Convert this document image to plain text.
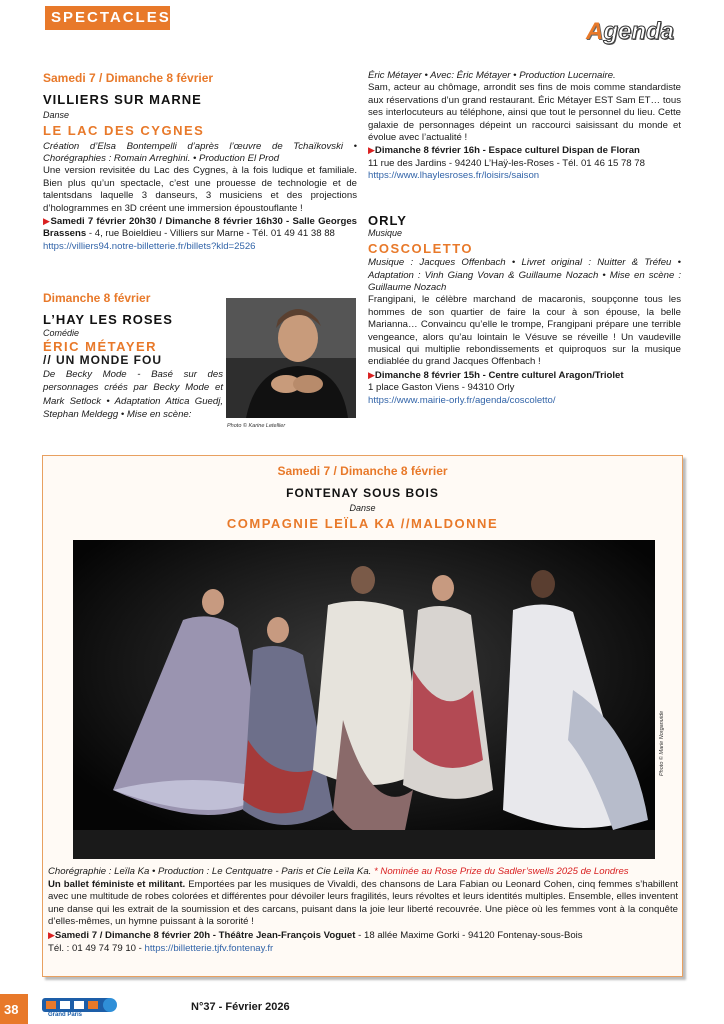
SPECTACLES
Agenda
Samedi 7 / Dimanche 8 février
VILLIERS SUR MARNE
Danse
LE LAC DES CYGNES
Création d’Elsa Bontempelli d’après l’œuvre de Tchaïkovski • Chorégraphies : Romain Arreghini. • Production El Prod
Une version revisitée du Lac des Cygnes, à la fois ludique et familiale. Bien plus qu’un spectacle, c’est une prouesse de technologie et de talentsdans laquelle 3 danseurs, 3 musiciens et des projections d’hologrammes en 3D créent une immersion époustouflante !
▶Samedi 7 février 20h30 / Dimanche 8 février 16h30 - Salle Georges Brassens - 4, rue Boieldieu - Villiers sur Marne - Tél. 01 49 41 38 88
https://villiers94.notre-billetterie.fr/billets?kld=2526
Dimanche 8 février
L’HAY LES ROSES
Comédie
ÉRIC MÉTAYER
// UN MONDE FOU
De Becky Mode - Basé sur des personnages créés par Becky Mode et Mark Setlock • Adaptation Attica Guedj, Stephan Meldegg • Mise en scène:
Photo © Karine Letellier
Éric Métayer • Avec: Éric Métayer • Production Lucernaire.
Sam, acteur au chômage, arrondit ses fins de mois comme standardiste aux réservations d’un grand restaurant. Éric Métayer EST Sam ET… tous ses interlocuteurs au téléphone, ainsi que tout le personnel du lieu. Cette galaxie de personnages dépeint un raccourci saisissant du monde et évolue avec l’actualité !
▶Dimanche 8 février 16h - Espace culturel Dispan de Floran
11 rue des Jardins - 94240 L’Haÿ-les-Roses - Tél. 01 46 15 78 78
https://www.lhaylesroses.fr/loisirs/saison
ORLY
Musique
COSCOLETTO
Musique : Jacques Offenbach • Livret original : Nuitter & Tréfeu • Adaptation : Vinh Giang Vovan & Guillaume Nozach • Mise en scène : Guillaume Nozach
Frangipani, le célèbre marchand de macaronis, soupçonne tous les hommes de son quartier de faire la cour à son épouse, la belle Marianna… Convaincu qu’elle le trompe, Frangipani prépare une terrible vengeance, alors qu’au lointain le Vésuve se réveille ! Un vaudeville musical qui multiplie rebondissements et quiproquos sur la musique endiablée du grand Jacques Offenbach !
▶Dimanche 8 février 15h - Centre culturel Aragon/Triolet
1 place Gaston Viens - 94310 Orly
https://www.mairie-orly.fr/agenda/coscoletto/
Samedi 7 / Dimanche 8 février
FONTENAY SOUS BOIS
Danse
COMPAGNIE LEÏLA KA //MALDONNE
Photo © Marie Norganuide
Chorégraphie : Leïla Ka • Production : Le Centquatre - Paris et Cie Leïla Ka. * Nominée au Rose Prize du Sadler’swells 2025 de Londres
Un ballet féministe et militant. Emportées par les musiques de Vivaldi, des chansons de Lara Fabian ou Leonard Cohen, cinq femmes s’habillent avec une multitude de robes colorées et différentes pour dévoiler leurs fragilités, leurs révoltes et leurs identités multiples. Ensemble, elles inventent une danse qui les extrait de la soumission et des carcans, puisant dans la joie leur liberté recouvrée. Une pièce où les femmes vont à la conquête d’elles-mêmes, un hymne puissant à la sororité !
▶Samedi 7 / Dimanche 8 février 20h - Théâtre Jean-François Voguet - 18 allée Maxime Gorki - 94120 Fontenay-sous-Bois
Tél. : 01 49 74 79 10 - https://billetterie.tjfv.fontenay.fr
38	Grand Paris
N°37 - Février 2026
